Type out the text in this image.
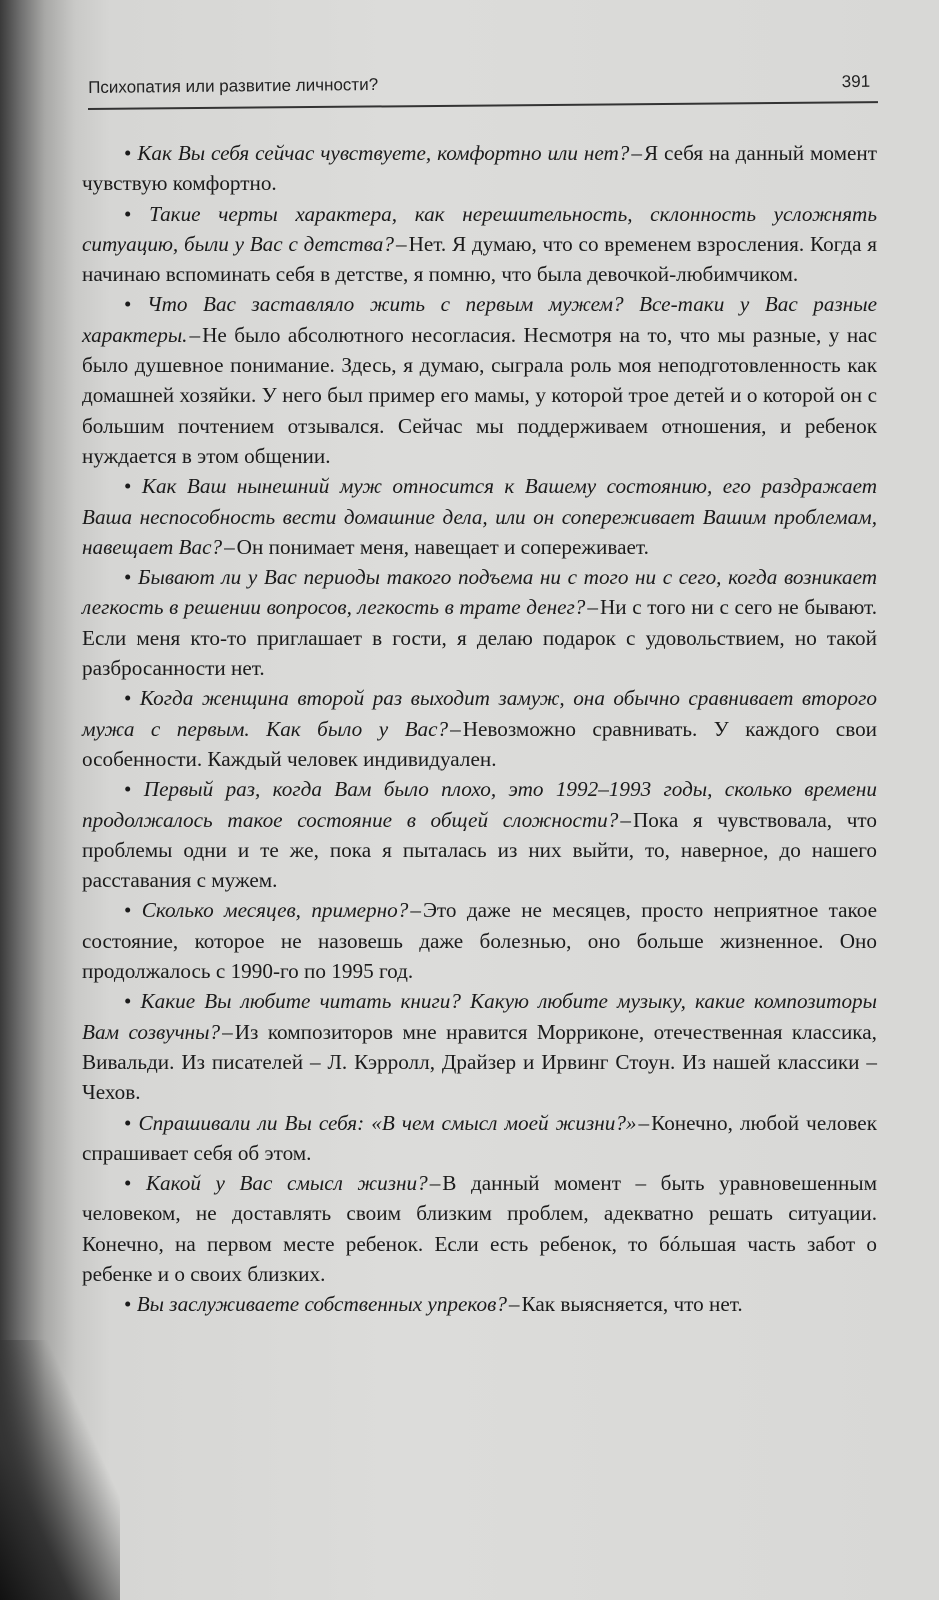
Психопатия или развитие личности?	391

• Как Вы себя сейчас чувствуете, комфортно или нет?–Я себя на данный момент чувствую комфортно.

• Такие черты характера, как нерешительность, склонность усложнять ситуацию, были у Вас с детства?–Нет. Я думаю, что со временем взросления. Когда я начинаю вспоминать себя в детстве, я помню, что была девочкой-любимчиком.

• Что Вас заставляло жить с первым мужем? Все-таки у Вас разные характеры.–Не было абсолютного несогласия. Несмотря на то, что мы разные, у нас было душевное понимание. Здесь, я думаю, сыграла роль моя неподготовленность как домашней хозяйки. У него был пример его мамы, у которой трое детей и о которой он с большим почтением отзывался. Сейчас мы поддерживаем отношения, и ребенок нуждается в этом общении.

• Как Ваш нынешний муж относится к Вашему состоянию, его раздражает Ваша неспособность вести домашние дела, или он сопереживает Вашим проблемам, навещает Вас?–Он понимает меня, навещает и сопереживает.

• Бывают ли у Вас периоды такого подъема ни с того ни с сего, когда возникает легкость в решении вопросов, легкость в трате денег?–Ни с того ни с сего не бывают. Если меня кто-то приглашает в гости, я делаю подарок с удовольствием, но такой разбросанности нет.

• Когда женщина второй раз выходит замуж, она обычно сравнивает второго мужа с первым. Как было у Вас?–Невозможно сравнивать. У каждого свои особенности. Каждый человек индивидуален.

• Первый раз, когда Вам было плохо, это 1992–1993 годы, сколько времени продолжалось такое состояние в общей сложности?–Пока я чувствовала, что проблемы одни и те же, пока я пыталась из них выйти, то, наверное, до нашего расставания с мужем.

• Сколько месяцев, примерно?–Это даже не месяцев, просто неприятное такое состояние, которое не назовешь даже болезнью, оно больше жизненное. Оно продолжалось с 1990-го по 1995 год.

• Какие Вы любите читать книги? Какую любите музыку, какие композиторы Вам созвучны?–Из композиторов мне нравится Морриконе, отечественная классика, Вивальди. Из писателей – Л. Кэрролл, Драйзер и Ирвинг Стоун. Из нашей классики – Чехов.

• Спрашивали ли Вы себя: «В чем смысл моей жизни?»–Конечно, любой человек спрашивает себя об этом.

• Какой у Вас смысл жизни?–В данный момент – быть уравновешенным человеком, не доставлять своим близким проблем, адекватно решать ситуации. Конечно, на первом месте ребенок. Если есть ребенок, то бóльшая часть забот о ребенке и о своих близких.

• Вы заслуживаете собственных упреков?–Как выясняется, что нет.
